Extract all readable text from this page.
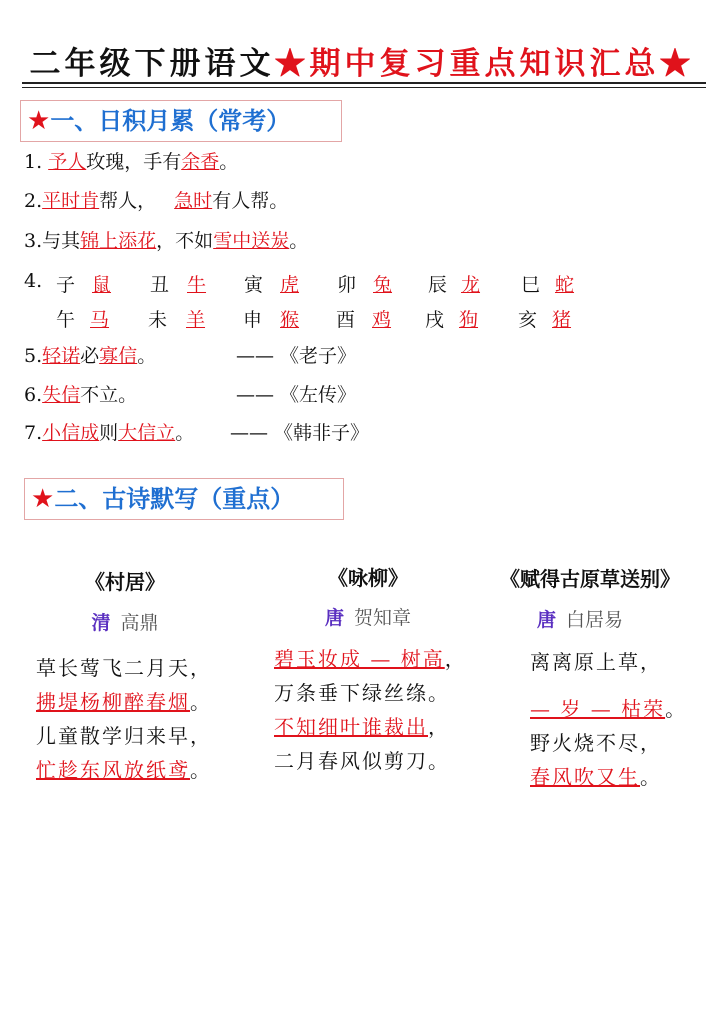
二年级下册语文★期中复习重点知识汇总★
★一、日积月累（常考）
1. 予人玫瑰，手有余香。
2.平时肯帮人， 急时有人帮。
3.与其锦上添花，不如雪中送炭。
4. 子 鼠 丑 牛 寅 虎 卯 兔 辰 龙 巳 蛇
午 马 未 羊 申 猴 酉 鸡 戌 狗 亥 猪
5.轻诺必寡信。	—— 《老子》
6.失信不立。	—— 《左传》
7.小信成则大信立。 —— 《韩非子》
★二、古诗默写（重点）
《村居》
清 高鼎
草长莺飞二月天，
拂堤杨柳醉春烟。
儿童散学归来早，
忙趁东风放纸鸢。
《咏柳》
唐 贺知章
碧玉妆成 — 树高，
万条垂下绿丝绦。
不知细叶谁裁出，
二月春风似剪刀。
《赋得古原草送别》
唐 白居易
离离原上草，
— 岁 — 枯荣。
野火烧不尽，
春风吹又生。
